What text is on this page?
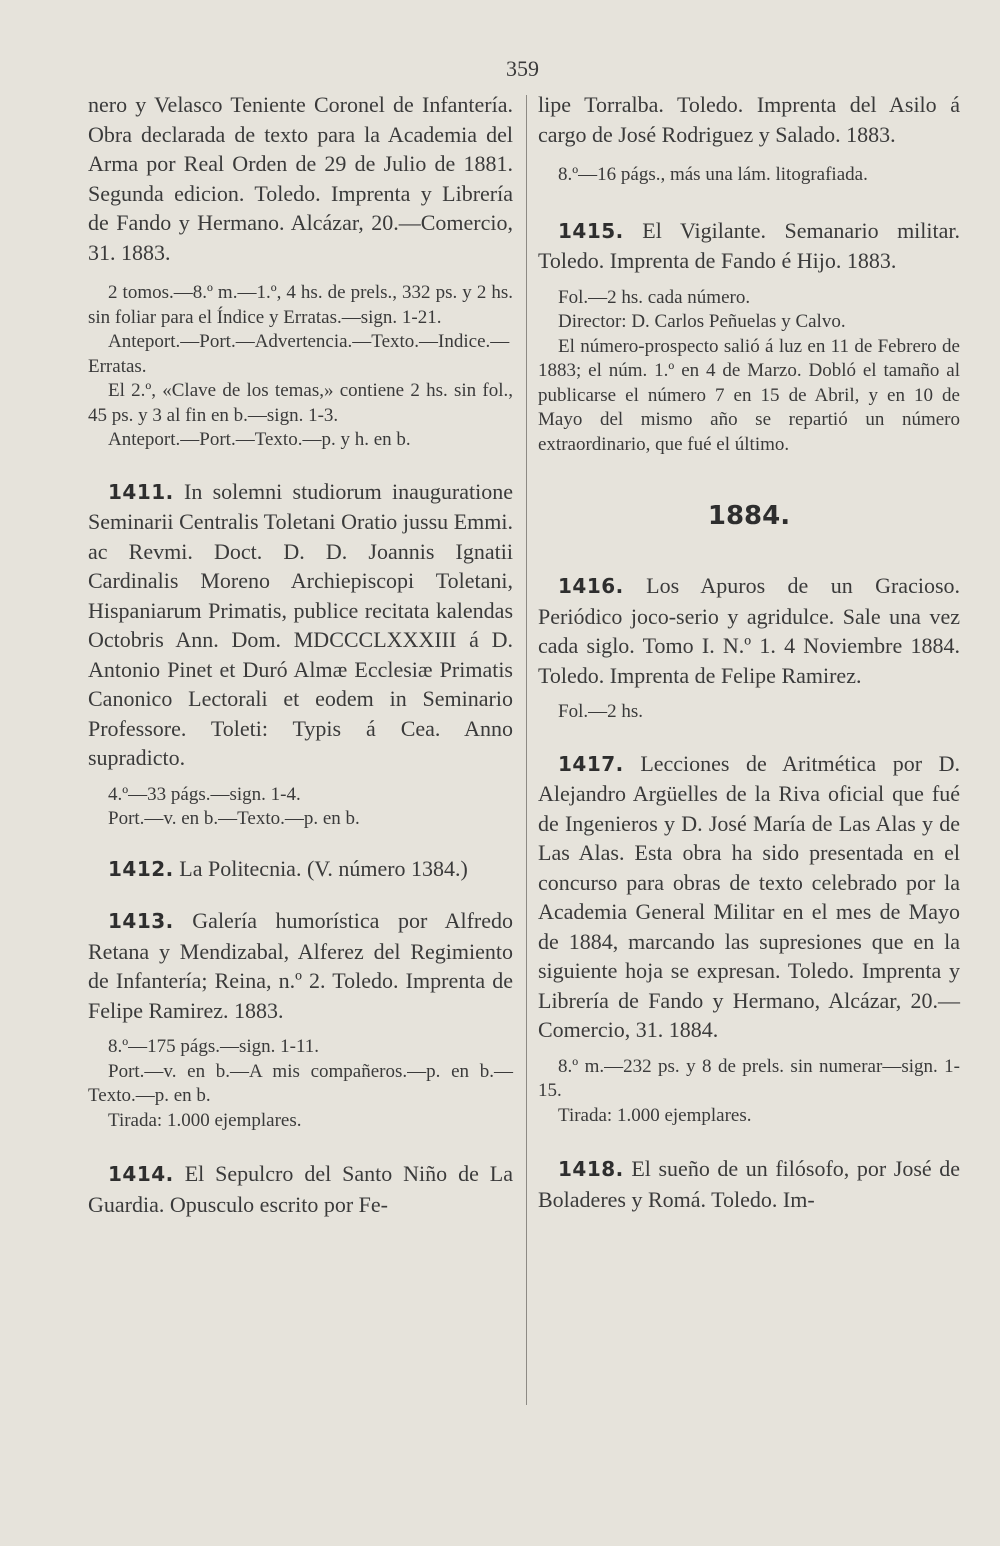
359

nero y Velasco Teniente Coronel de Infantería. Obra declarada de texto para la Academia del Arma por Real Orden de 29 de Julio de 1881. Segunda edicion. Toledo. Imprenta y Librería de Fando y Hermano. Alcázar, 20.—Comercio, 31. 1883.

2 tomos.—8.º m.—1.º, 4 hs. de prels., 332 ps. y 2 hs. sin foliar para el Índice y Erratas.—sign. 1-21.

Anteport.—Port.—Advertencia.—Texto.—Indice.—Erratas.

El 2.º, «Clave de los temas,» contiene 2 hs. sin fol., 45 ps. y 3 al fin en b.—sign. 1-3.

Anteport.—Port.—Texto.—p. y h. en b.

1411. In solemni studiorum inauguratione Seminarii Centralis Toletani Oratio jussu Emmi. ac Revmi. Doct. D. D. Joannis Ignatii Cardinalis Moreno Archiepiscopi Toletani, Hispaniarum Primatis, publice recitata kalendas Octobris Ann. Dom. MDCCCLXXXIII á D. Antonio Pinet et Duró Almæ Ecclesiæ Primatis Canonico Lectorali et eodem in Seminario Professore. Toleti: Typis á Cea. Anno supradicto.

4.º—33 págs.—sign. 1-4.

Port.—v. en b.—Texto.—p. en b.

1412. La Politecnia. (V. número 1384.)

1413. Galería humorística por Alfredo Retana y Mendizabal, Alferez del Regimiento de Infantería; Reina, n.º 2. Toledo. Imprenta de Felipe Ramirez. 1883.

8.º—175 págs.—sign. 1-11.

Port.—v. en b.—A mis compañeros.—p. en b.—Texto.—p. en b.

Tirada: 1.000 ejemplares.

1414. El Sepulcro del Santo Niño de La Guardia. Opusculo escrito por Fe-

lipe Torralba. Toledo. Imprenta del Asilo á cargo de José Rodriguez y Salado. 1883.

8.º—16 págs., más una lám. litografiada.

1415. El Vigilante. Semanario militar. Toledo. Imprenta de Fando é Hijo. 1883.

Fol.—2 hs. cada número.

Director: D. Carlos Peñuelas y Calvo.

El número-prospecto salió á luz en 11 de Febrero de 1883; el núm. 1.º en 4 de Marzo. Dobló el tamaño al publicarse el número 7 en 15 de Abril, y en 10 de Mayo del mismo año se repartió un número extraordinario, que fué el último.

1884.

1416. Los Apuros de un Gracioso. Periódico joco-serio y agridulce. Sale una vez cada siglo. Tomo I. N.º 1. 4 Noviembre 1884. Toledo. Imprenta de Felipe Ramirez.

Fol.—2 hs.

1417. Lecciones de Aritmética por D. Alejandro Argüelles de la Riva oficial que fué de Ingenieros y D. José María de Las Alas y de Las Alas. Esta obra ha sido presentada en el concurso para obras de texto celebrado por la Academia General Militar en el mes de Mayo de 1884, marcando las supresiones que en la siguiente hoja se expresan. Toledo. Imprenta y Librería de Fando y Hermano, Alcázar, 20.—Comercio, 31. 1884.

8.º m.—232 ps. y 8 de prels. sin numerar—sign. 1-15.

Tirada: 1.000 ejemplares.

1418. El sueño de un filósofo, por José de Boladeres y Romá. Toledo. Im-
